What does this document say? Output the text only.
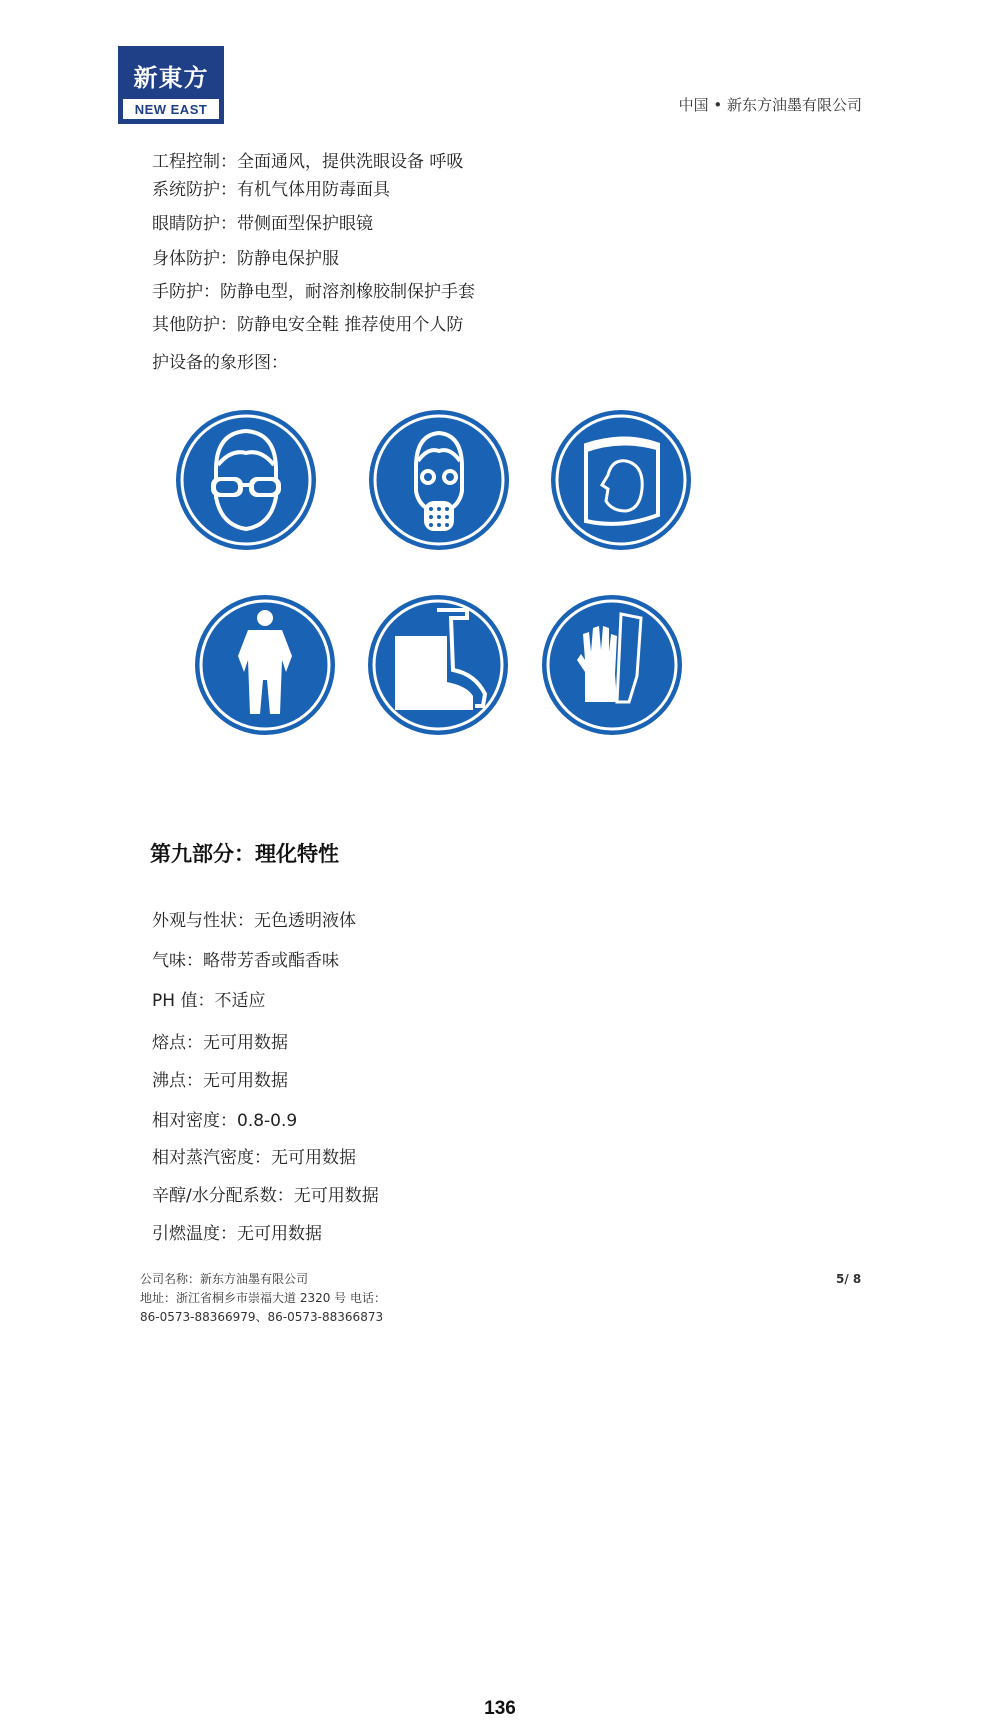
新東方
NEW EAST	中国 • 新东方油墨有限公司
工程控制：全面通风，提供洗眼设备 呼吸
系统防护：有机气体用防毒面具
眼睛防护：带侧面型保护眼镜
身体防护：防静电保护服
手防护：防静电型，耐溶剂橡胶制保护手套
其他防护：防静电安全鞋 推荐使用个人防
护设备的象形图：
第九部分：理化特性
外观与性状：无色透明液体
气味：略带芳香或酯香味
PH 值：不适应
熔点：无可用数据
沸点：无可用数据
相对密度：0.8-0.9
相对蒸汽密度：无可用数据
辛醇/水分配系数：无可用数据
引燃温度：无可用数据
公司名称：新东方油墨有限公司
地址：浙江省桐乡市崇福大道 2320 号 电话：
86-0573-88366979、86-0573-88366873
5/ 8
136
